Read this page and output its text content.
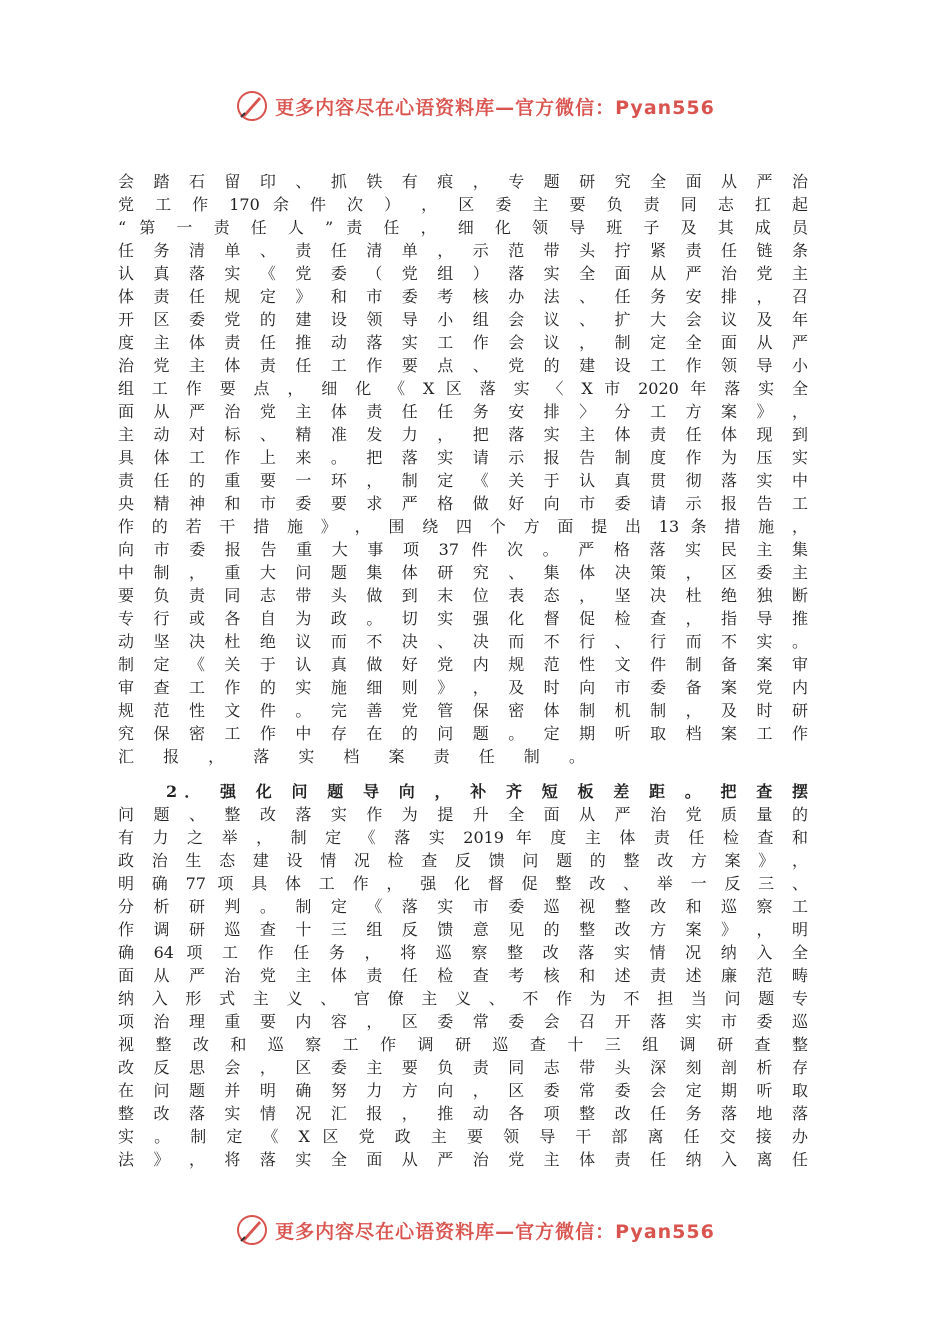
更多内容尽在心语资料库—官方微信：Pyan556
会 踏 石 留 印 、 抓 铁 有 痕 ， 专 题 研 究 全 面 从 严 治
党 工 作 170 余 件 次 ） ， 区 委 主 要 负 责 同 志 扛 起
“ 第 一 责 任 人 ” 责 任 ， 细 化 领 导 班 子 及 其 成 员
任 务 清 单 、 责 任 清 单 ， 示 范 带 头 拧 紧 责 任 链 条
认 真 落 实 《 党 委 （ 党 组 ） 落 实 全 面 从 严 治 党 主
体 责 任 规 定 》 和 市 委 考 核 办 法 、 任 务 安 排 ， 召
开 区 委 党 的 建 设 领 导 小 组 会 议 、 扩 大 会 议 及 年
度 主 体 责 任 推 动 落 实 工 作 会 议 ， 制 定 全 面 从 严
治 党 主 体 责 任 工 作 要 点 、 党 的 建 设 工 作 领 导 小
组 工 作 要 点 ， 细 化 《 X 区 落 实 〈 X 市 2020 年 落 实 全
面 从 严 治 党 主 体 责 任 任 务 安 排 〉 分 工 方 案 》 ，
主 动 对 标 、 精 准 发 力 ， 把 落 实 主 体 责 任 体 现 到
具 体 工 作 上 来 。 把 落 实 请 示 报 告 制 度 作 为 压 实
责 任 的 重 要 一 环 ， 制 定 《 关 于 认 真 贯 彻 落 实 中
央 精 神 和 市 委 要 求 严 格 做 好 向 市 委 请 示 报 告 工
作 的 若 干 措 施 》 ， 围 绕 四 个 方 面 提 出 13 条 措 施 ，
向 市 委 报 告 重 大 事 项 37 件 次 。 严 格 落 实 民 主 集
中 制 ， 重 大 问 题 集 体 研 究 、 集 体 决 策 ， 区 委 主
要 负 责 同 志 带 头 做 到 末 位 表 态 ， 坚 决 杜 绝 独 断
专 行 或 各 自 为 政 。 切 实 强 化 督 促 检 查 ， 指 导 推
动 坚 决 杜 绝 议 而 不 决 、 决 而 不 行 、 行 而 不 实 。
制 定 《 关 于 认 真 做 好 党 内 规 范 性 文 件 制 备 案 审
审 查 工 作 的 实 施 细 则 》 ， 及 时 向 市 委 备 案 党 内
规 范 性 文 件 。 完 善 党 管 保 密 体 制 机 制 ， 及 时 研
究 保 密 工 作 中 存 在 的 问 题 。 定 期 听 取 档 案 工 作
汇 报 ， 落 实 档 案 责 任 制 。
2． 强 化 问 题 导 向 ， 补 齐 短 板 差 距 。 把 查 摆
问 题 、 整 改 落 实 作 为 提 升 全 面 从 严 治 党 质 量 的
有 力 之 举 ， 制 定 《 落 实 2019 年 度 主 体 责 任 检 查 和
政 治 生 态 建 设 情 况 检 查 反 馈 问 题 的 整 改 方 案 》 ，
明 确 77 项 具 体 工 作 ， 强 化 督 促 整 改 、 举 一 反 三 、
分 析 研 判 。 制 定 《 落 实 市 委 巡 视 整 改 和 巡 察 工
作 调 研 巡 查 十 三 组 反 馈 意 见 的 整 改 方 案 》 ， 明
确 64 项 工 作 任 务 ， 将 巡 察 整 改 落 实 情 况 纳 入 全
面 从 严 治 党 主 体 责 任 检 查 考 核 和 述 责 述 廉 范 畴
纳 入 形 式 主 义 、 官 僚 主 义 、 不 作 为 不 担 当 问 题 专
项 治 理 重 要 内 容 ， 区 委 常 委 会 召 开 落 实 市 委 巡
视 整 改 和 巡 察 工 作 调 研 巡 查 十 三 组 调 研 查 整
改 反 思 会 ， 区 委 主 要 负 责 同 志 带 头 深 刻 剖 析 存
在 问 题 并 明 确 努 力 方 向 ， 区 委 常 委 会 定 期 听 取
整 改 落 实 情 况 汇 报 ， 推 动 各 项 整 改 任 务 落 地 落
实 。 制 定 《 X 区 党 政 主 要 领 导 干 部 离 任 交 接 办
法 》 ， 将 落 实 全 面 从 严 治 党 主 体 责 任 纳 入 离 任
更多内容尽在心语资料库—官方微信：Pyan556
